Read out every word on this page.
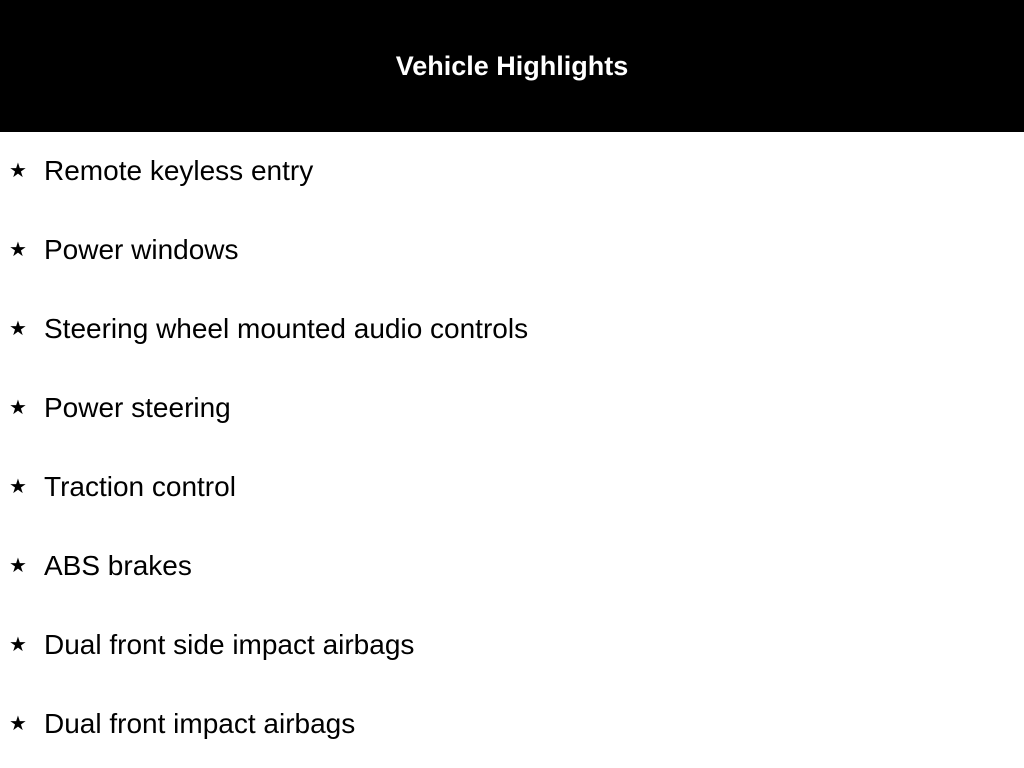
Vehicle Highlights
★ Remote keyless entry
★ Power windows
★ Steering wheel mounted audio controls
★ Power steering
★ Traction control
★ ABS brakes
★ Dual front side impact airbags
★ Dual front impact airbags
